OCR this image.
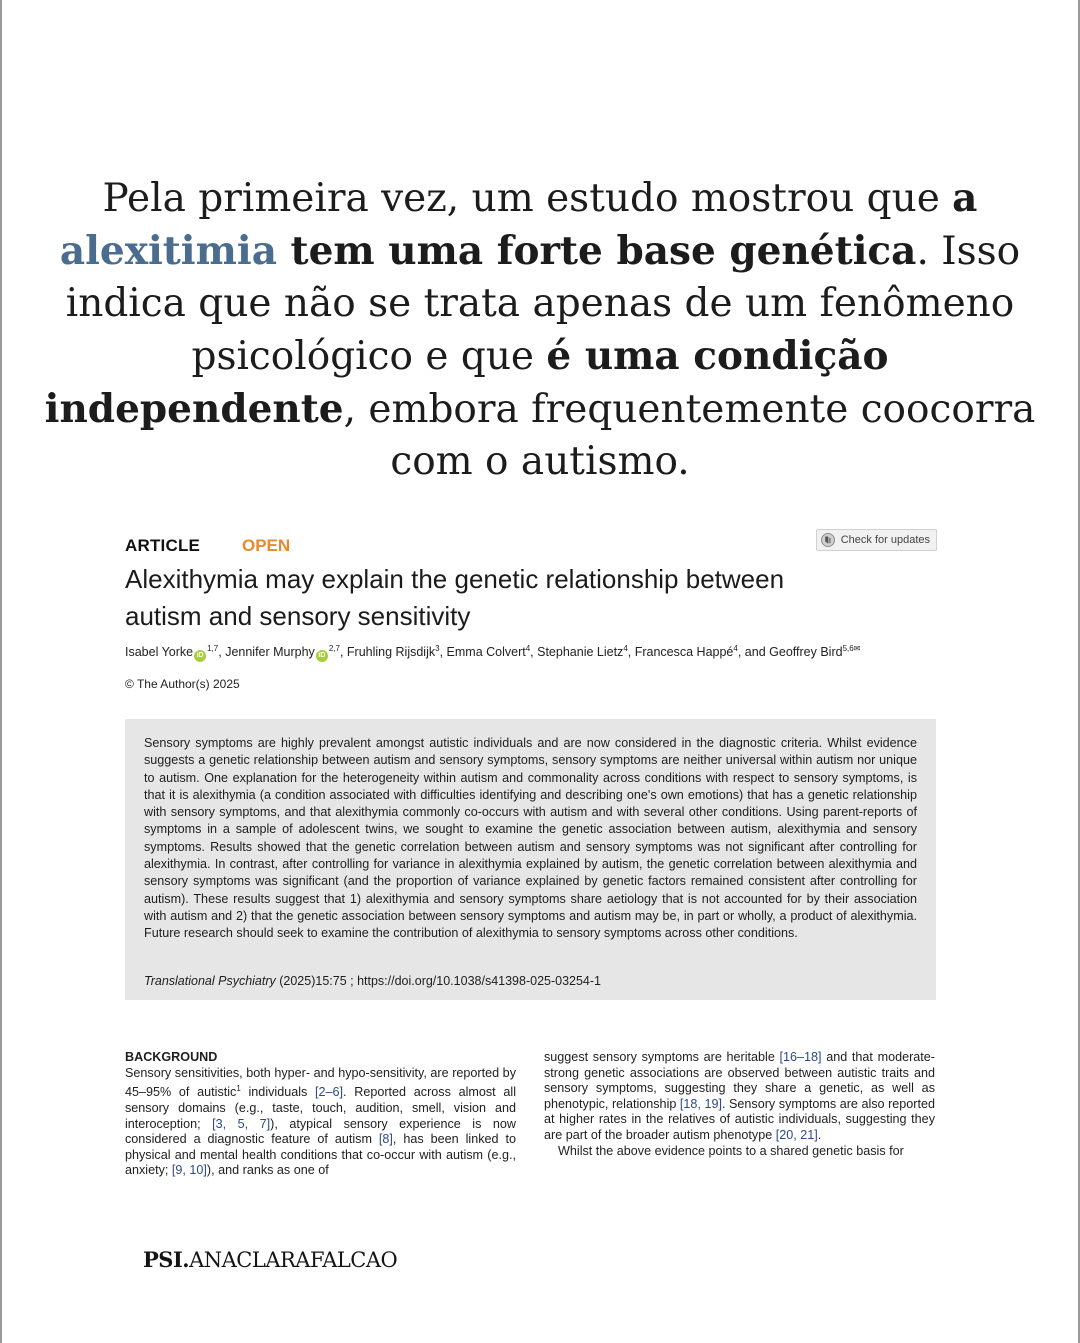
Pela primeira vez, um estudo mostrou que a
alexitimia tem uma forte base genética. Isso indica que não se trata apenas de um fenômeno psicológico e que é uma condição independente, embora frequentemente coocorra com o autismo.
ARTICLE OPEN	Check for updates
Alexithymia may explain the genetic relationship between
autism and sensory sensitivity
Isabel Yorke iD$^{1,7}$, Jennifer Murphy iD$^{2,7}$, Fruhling Rijsdijk$^3$, Emma Colvert$^4$, Stephanie Lietz$^4$, Francesca Happé$^4$, and Geoffrey Bird$^{5,6✉}$
© The Author(s) 2025
Sensory symptoms are highly prevalent amongst autistic individuals and are now considered in the diagnostic criteria. Whilst evidence suggests a genetic relationship between autism and sensory symptoms, sensory symptoms are neither universal within autism nor unique to autism. One explanation for the heterogeneity within autism and commonality across conditions with respect to sensory symptoms, is that it is alexithymia (a condition associated with difficulties identifying and describing one's own emotions) that has a genetic relationship with sensory symptoms, and that alexithymia commonly co-occurs with autism and with several other conditions. Using parent-reports of symptoms in a sample of adolescent twins, we sought to examine the genetic association between autism, alexithymia and sensory symptoms. Results showed that the genetic correlation between autism and sensory symptoms was not significant after controlling for alexithymia. In contrast, after controlling for variance in alexithymia explained by autism, the genetic correlation between alexithymia and sensory symptoms was significant (and the proportion of variance explained by genetic factors remained consistent after controlling for autism). These results suggest that 1) alexithymia and sensory symptoms share aetiology that is not accounted for by their association with autism and 2) that the genetic association between sensory symptoms and autism may be, in part or wholly, a product of alexithymia. Future research should seek to examine the contribution of alexithymia to sensory symptoms across other conditions.
Translational Psychiatry (2025)15:75 ; https://doi.org/10.1038/s41398-025-03254-1
BACKGROUND
Sensory sensitivities, both hyper- and hypo-sensitivity, are reported by 45–95% of autistic$^1$ individuals [2–6]. Reported across almost all sensory domains (e.g., taste, touch, audition, smell, vision and interoception; [3, 5, 7]), atypical sensory experience is now considered a diagnostic feature of autism [8], has been linked to physical and mental health conditions that co-occur with autism (e.g., anxiety; [9, 10]), and ranks as one of
suggest sensory symptoms are heritable [16–18] and that moderate-strong genetic associations are observed between autistic traits and sensory symptoms, suggesting they share a genetic, as well as phenotypic, relationship [18, 19]. Sensory symptoms are also reported at higher rates in the relatives of autistic individuals, suggesting they are part of the broader autism phenotype [20, 21].
Whilst the above evidence points to a shared genetic basis for
PSI.ANACLARAFALCAO
